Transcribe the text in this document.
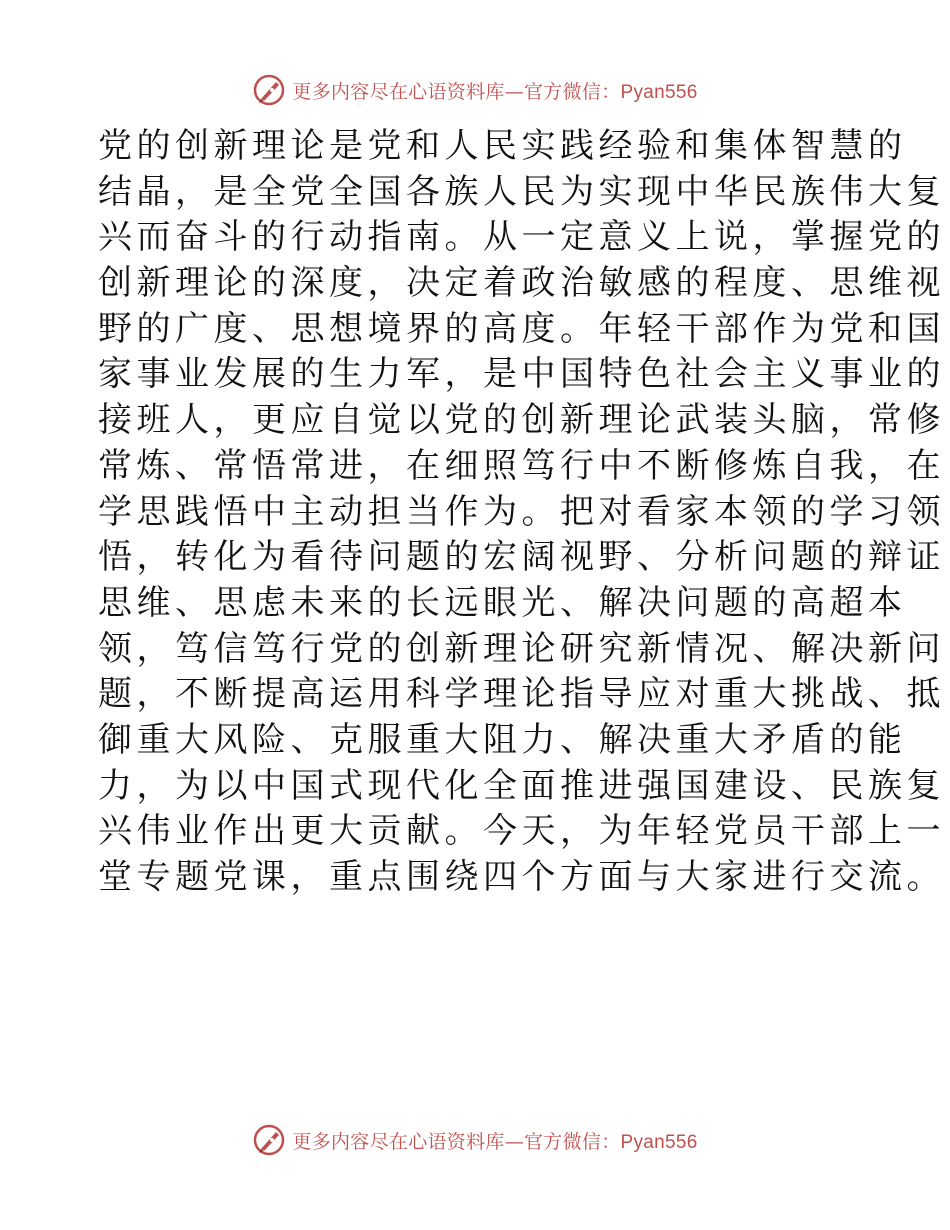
更多内容尽在心语资料库—官方微信：Pyan556
党的创新理论是党和人民实践经验和集体智慧的
结晶，是全党全国各族人民为实现中华民族伟大复
兴而奋斗的行动指南。从一定意义上说，掌握党的
创新理论的深度，决定着政治敏感的程度、思维视
野的广度、思想境界的高度。年轻干部作为党和国
家事业发展的生力军，是中国特色社会主义事业的
接班人，更应自觉以党的创新理论武装头脑，常修
常炼、常悟常进，在细照笃行中不断修炼自我，在
学思践悟中主动担当作为。把对看家本领的学习领
悟，转化为看待问题的宏阔视野、分析问题的辩证
思维、思虑未来的长远眼光、解决问题的高超本
领，笃信笃行党的创新理论研究新情况、解决新问
题，不断提高运用科学理论指导应对重大挑战、抵
御重大风险、克服重大阻力、解决重大矛盾的能
力，为以中国式现代化全面推进强国建设、民族复
兴伟业作出更大贡献。今天，为年轻党员干部上一
堂专题党课，重点围绕四个方面与大家进行交流。
更多内容尽在心语资料库—官方微信：Pyan556
